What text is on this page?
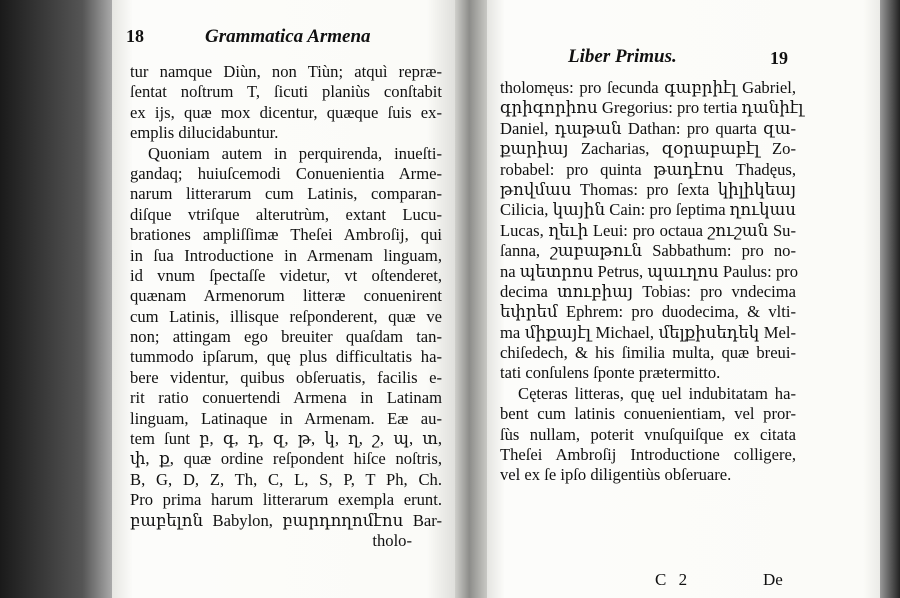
18	Grammatica Armena
tur namque Diùn, non Tiùn; atquì repræ-
ſentat noſtrum T, ſicuti planiùs conſtabit
ex ijs, quæ mox dicentur, quæque ſuis ex-
emplis dilucidabuntur.
Quoniam autem in perquirenda, inueſti-
gandaq; huiuſcemodi Conuenientia Arme-
narum litterarum cum Latinis, comparan-
diſque vtriſque alterutrùm, extant Lucu-
brationes ampliſſimæ Theſei Ambroſij, qui
in ſua Introductione in Armenam linguam,
id vnum ſpectaſſe videtur, vt oſtenderet,
quænam Armenorum litteræ conuenirent
cum Latinis, illisque reſponderent, quæ ve
non; attingam ego breuiter quaſdam tan-
tummodo ipſarum, quę plus difficultatis ha-
bere videntur, quibus obſeruatis, facilis e-
rit ratio conuertendi Armena in Latinam
linguam, Latinaque in Armenam. Eæ au-
tem ſunt բ, գ, դ, զ, թ, կ, ղ, շ, պ, տ,
փ, ք, quæ ordine reſpondent hiſce noſtris,
B, G, D, Z, Th, C, L, S, P, T Ph, Ch.
Pro prima harum litterarum exempla erunt.
բաբելոն Babylon, բարդողոմէոս Bar-
tholo-
Liber Primus.	19
tholomęus: pro ſecunda գաբրիէլ Gabriel,
գրիգորիոս Gregorius: pro tertia դանիէլ
Daniel, դաթան Dathan: pro quarta զա-
քարիայ Zacharias, զօրաբաբէլ Zo-
robabel: pro quinta թադէոս Thadęus,
թովմաս Thomas: pro ſexta կիլիկեայ
Cilicia, կային Cain: pro ſeptima ղուկաս
Lucas, ղեւի Leui: pro octaua շուշան Su-
ſanna, շաբաթուն Sabbathum: pro no-
na պետրոս Petrus, պաւղոս Paulus: pro
decima տուբիայ Tobias: pro vndecima
եփրեմ Ephrem: pro duodecima, & vlti-
ma միքայէլ Michael, մելքիսեդեկ Mel-
chiſedech, & his ſimilia multa, quæ breui-
tati conſulens ſponte prætermitto.
Cęteras litteras, quę uel indubitatam ha-
bent cum latinis conuenientiam, vel pror-
ſùs nullam, poterit vnuſquiſque ex citata
Theſei Ambroſij Introductione colligere,
vel ex ſe ipſo diligentiùs obſeruare.
C 2	De
